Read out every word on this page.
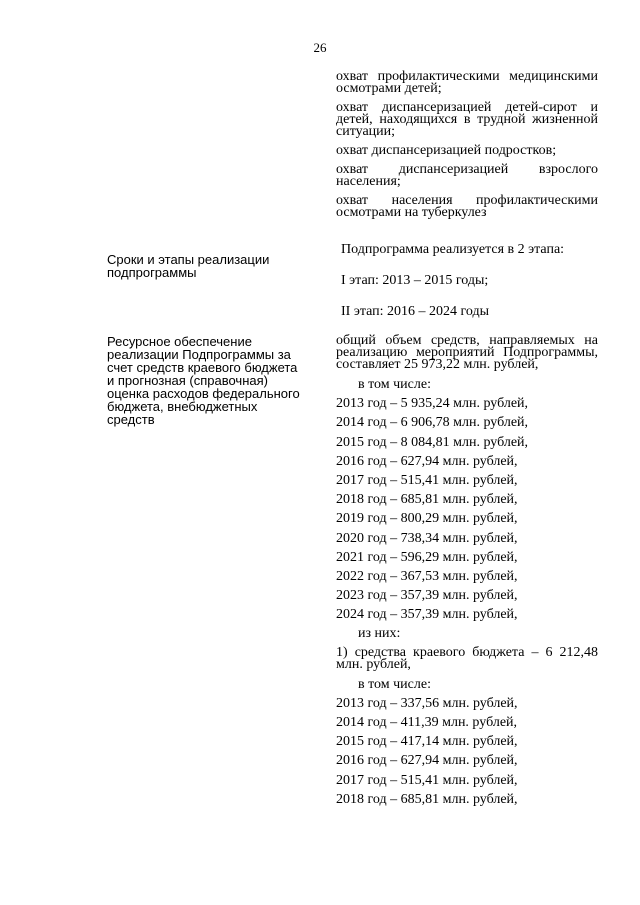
26

охват профилактическими медицинскими осмотрами детей;

охват диспансеризацией детей-сирот и детей, находящихся в трудной жизненной ситуации;

охват диспансеризацией подростков;

охват диспансеризацией взрослого населения;

охват населения профилактическими осмотрами на туберкулез

Сроки и этапы реализации подпрограммы

Подпрограмма реализуется в 2 этапа:

I этап: 2013 – 2015 годы;

II этап: 2016 – 2024 годы

Ресурсное обеспечение реализации Подпрограммы за счет средств краевого бюджета и прогнозная (справочная) оценка расходов федерального бюджета, внебюджетных средств

общий объем средств, направляемых на реализацию мероприятий Подпрограммы, составляет 25 973,22 млн. рублей,

в том числе:
2013 год – 5 935,24 млн. рублей,
2014 год – 6 906,78 млн. рублей,
2015 год – 8 084,81 млн. рублей,
2016 год – 627,94 млн. рублей,
2017 год – 515,41 млн. рублей,
2018 год – 685,81 млн. рублей,
2019 год – 800,29 млн. рублей,
2020 год – 738,34 млн. рублей,
2021 год – 596,29 млн. рублей,
2022 год – 367,53 млн. рублей,
2023 год – 357,39 млн. рублей,
2024 год – 357,39 млн. рублей,
из них:

1) средства краевого бюджета – 6 212,48 млн. рублей,

в том числе:
2013 год – 337,56 млн. рублей,
2014 год – 411,39 млн. рублей,
2015 год – 417,14 млн. рублей,
2016 год – 627,94 млн. рублей,
2017 год – 515,41 млн. рублей,
2018 год – 685,81 млн. рублей,
